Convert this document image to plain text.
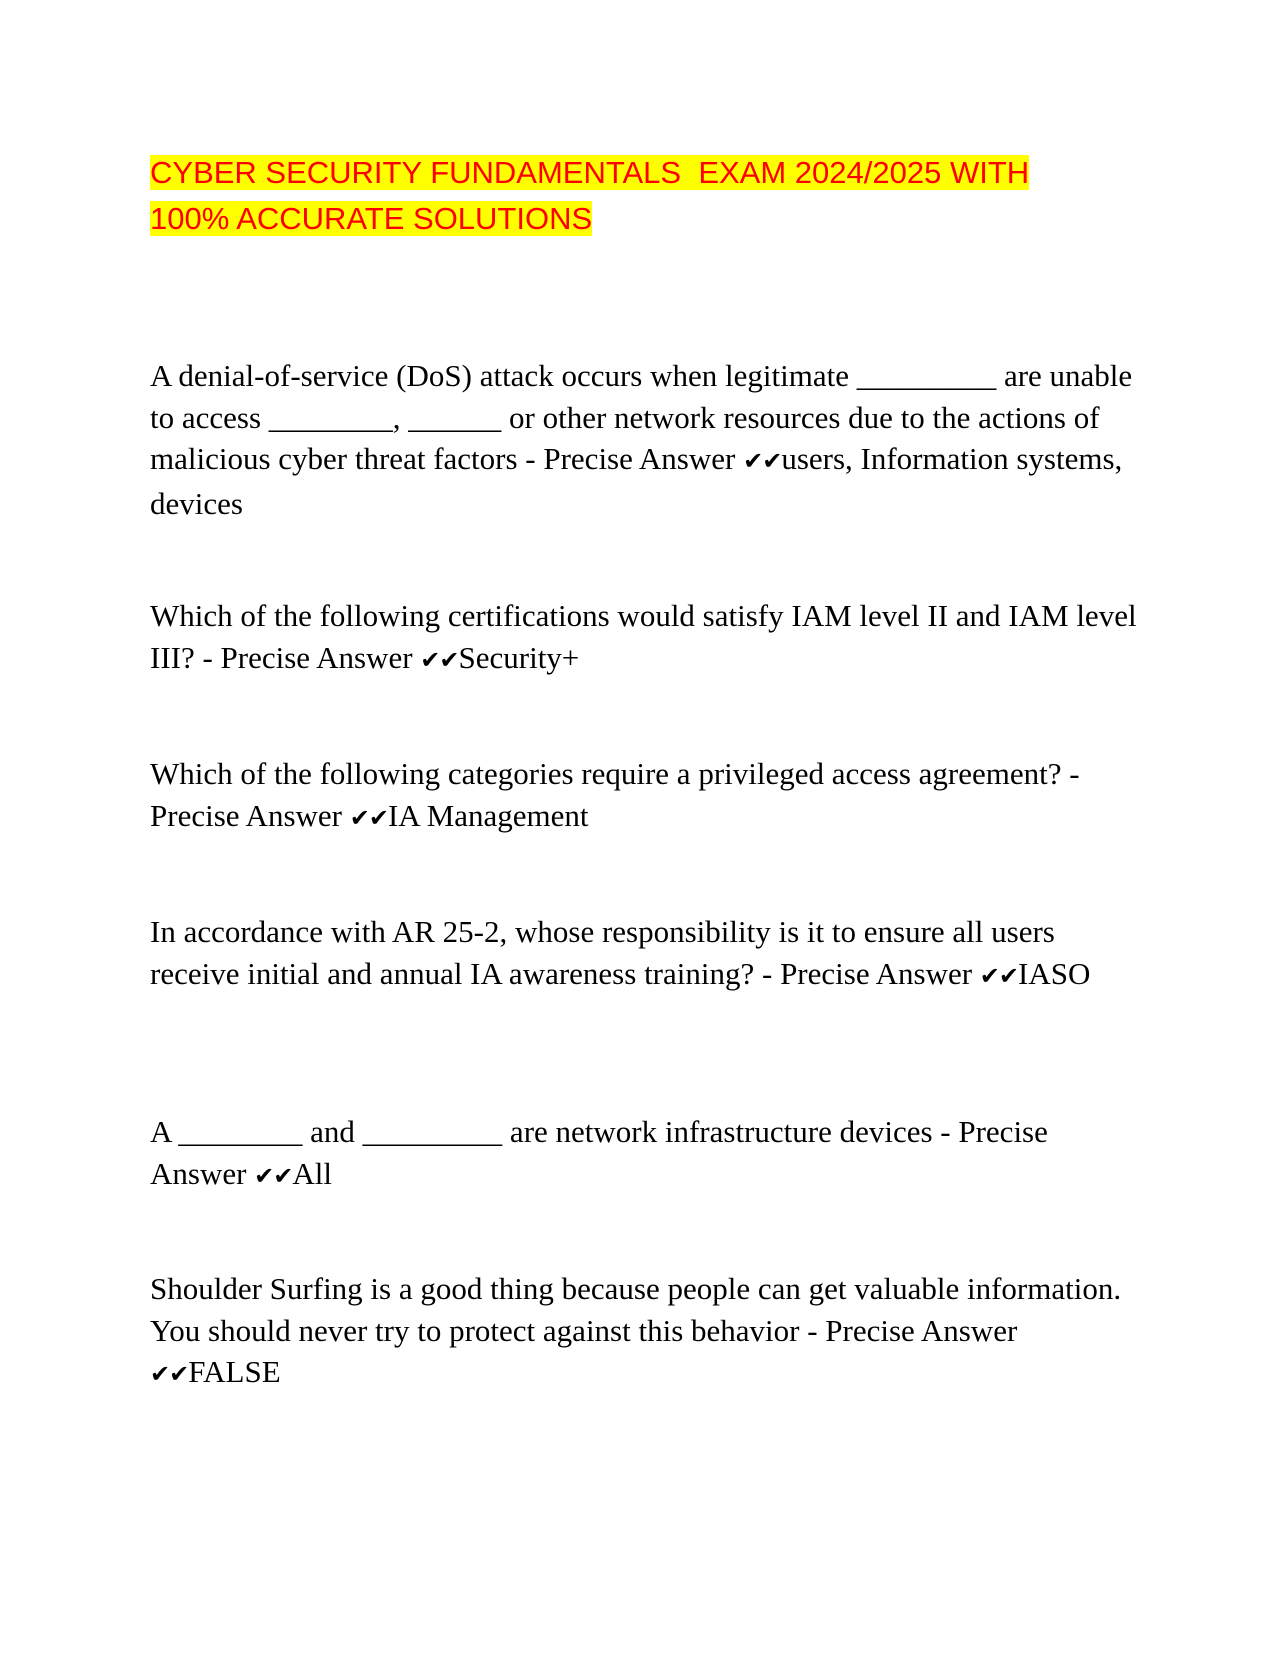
CYBER SECURITY FUNDAMENTALS  EXAM 2024/2025 WITH
100% ACCURATE SOLUTIONS

A denial-of-service (DoS) attack occurs when legitimate _________ are unable to access ________, ______ or other network resources due to the actions of malicious cyber threat factors - Precise Answer ✔✔users, Information systems, devices

Which of the following certifications would satisfy IAM level II and IAM level III? - Precise Answer ✔✔Security+

Which of the following categories require a privileged access agreement? - Precise Answer ✔✔IA Management

In accordance with AR 25-2, whose responsibility is it to ensure all users receive initial and annual IA awareness training? - Precise Answer ✔✔IASO

A ________ and _________ are network infrastructure devices - Precise Answer ✔✔All

Shoulder Surfing is a good thing because people can get valuable information. You should never try to protect against this behavior - Precise Answer ✔✔FALSE
